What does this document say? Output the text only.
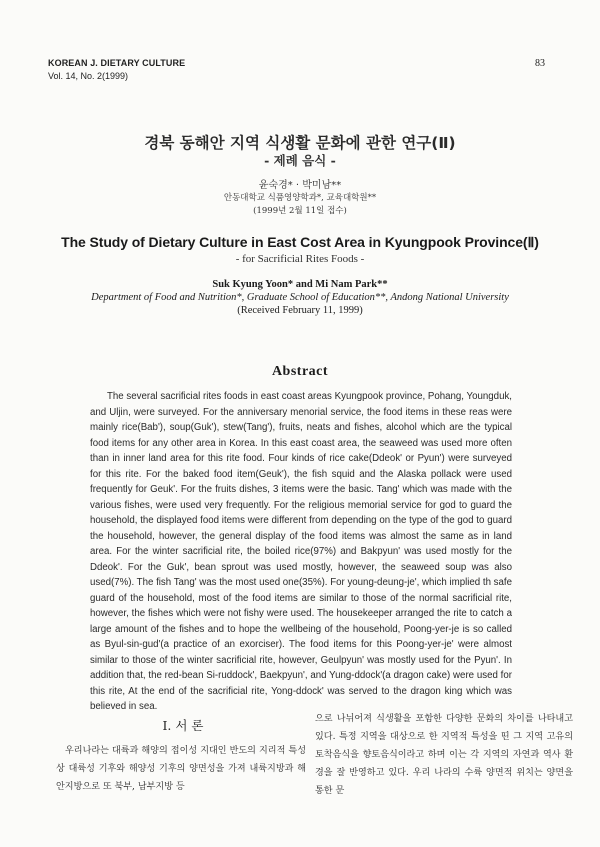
KOREAN J. DIETARY CULTURE
Vol. 14, No. 2(1999)
83
경북 동해안 지역 식생활 문화에 관한 연구(Ⅱ)
- 제례 음식 -
윤숙경* · 박미남**
안동대학교 식품영양학과*, 교육대학원**
(1999년 2월 11일 접수)
The Study of Dietary Culture in East Cost Area in Kyungpook Province(Ⅱ)
- for Sacrificial Rites Foods -
Suk Kyung Yoon* and Mi Nam Park**
Department of Food and Nutrition*, Graduate School of Education**, Andong National University
(Received February 11, 1999)
Abstract

The several sacrificial rites foods in east coast areas Kyungpook province, Pohang, Youngduk, and Uljin, were surveyed. For the anniversary menorial service, the food items in these reas were mainly rice(Bab'), soup(Guk'), stew(Tang'), fruits, neats and fishes, alcohol which are the typical food items for any other area in Korea. In this east coast area, the seaweed was used more often than in inner land area for this rite food. Four kinds of rice cake(Ddeok' or Pyun') were surveyed for this rite. For the baked food item(Geuk'), the fish squid and the Alaska pollack were used frequently for Geuk'. For the fruits dishes, 3 items were the basic. Tang' which was made with the various fishes, were used very frequently. For the religious memorial service for god to guard the household, the displayed food items were different from depending on the type of the god to guard the household, however, the general display of the food items was almost the same as in land area. For the winter sacrificial rite, the boiled rice(97%) and Bakpyun' was used mostly for the Ddeok'. For the Guk', bean sprout was used mostly, however, the seaweed soup was also used(7%). The fish Tang' was the most used one(35%). For young-deung-je', which implied th safe guard of the household, most of the food items are similar to those of the normal sacrificial rite, however, the fishes which were not fishy were used. The housekeeper arranged the rite to catch a large amount of the fishes and to hope the wellbeing of the household, Poong-yer-je is so called as Byul-sin-gud'(a practice of an exorciser). The food items for this Poong-yer-je' were almost similar to those of the winter sacrificial rite, however, Geulpyun' was mostly used for the Pyun'. In addition that, the red-bean Si-ruddock', Baekpyun', and Yung-ddock'(a dragon cake) were used for this rite, At the end of the sacrificial rite, Yong-ddock' was served to the dragon king which was believed in sea.

Ⅰ. 서 론

우리나라는 대륙과 해양의 접이성 지대인 반도의 지리적 특성상 대륙성 기후와 해양성 기후의 양면성을 가져 내륙지방과 해안지방으로 또 북부, 남부지방 등

으로 나뉘어져 식생활을 포함한 다양한 문화의 차이를 나타내고 있다. 특정 지역을 대상으로 한 지역적 특성을 띤 그 지역 고유의 토착음식을 향토음식이라고 하며 이는 각 지역의 자연과 역사 환경을 잘 반영하고 있다. 우리 나라의 수륙 양면적 위치는 양면을 통한 문
